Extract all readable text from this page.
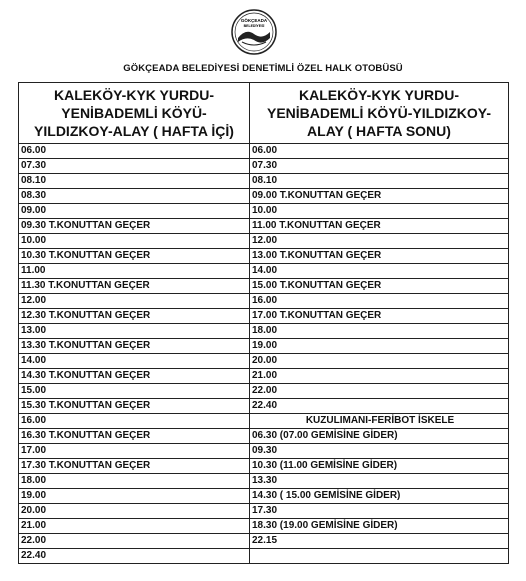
GÖKÇEADA
BELEDİYESİ
GÖKÇEADA BELEDİYESİ DENETİMLİ ÖZEL HALK OTOBÜSÜ
KALEKÖY-KYK YURDU-YENİBADEMLİ KÖYÜ-YILDIZKOY-ALAY ( HAFTA İÇİ)	KALEKÖY-KYK YURDU-YENİBADEMLİ KÖYÜ-YILDIZKOY- ALAY ( HAFTA SONU)
06.00	06.00
07.30	07.30
08.10	08.10
08.30	09.00 T.KONUTTAN GEÇER
09.00	10.00
09.30 T.KONUTTAN GEÇER	11.00 T.KONUTTAN GEÇER
10.00	12.00
10.30 T.KONUTTAN GEÇER	13.00 T.KONUTTAN GEÇER
11.00	14.00
11.30 T.KONUTTAN GEÇER	15.00 T.KONUTTAN GEÇER
12.00	16.00
12.30 T.KONUTTAN GEÇER	17.00 T.KONUTTAN GEÇER
13.00	18.00
13.30 T.KONUTTAN GEÇER	19.00
14.00	20.00
14.30 T.KONUTTAN GEÇER	21.00
15.00	22.00
15.30 T.KONUTTAN GEÇER	22.40
16.00	KUZULIMANI-FERİBOT İSKELE
16.30 T.KONUTTAN GEÇER	06.30 (07.00 GEMİSİNE GİDER)
17.00	09.30
17.30 T.KONUTTAN GEÇER	10.30 (11.00 GEMİSİNE GİDER)
18.00	13.30
19.00	14.30 ( 15.00 GEMİSİNE GİDER)
20.00	17.30
21.00	18.30 (19.00 GEMİSİNE GİDER)
22.00	22.15
22.40	
